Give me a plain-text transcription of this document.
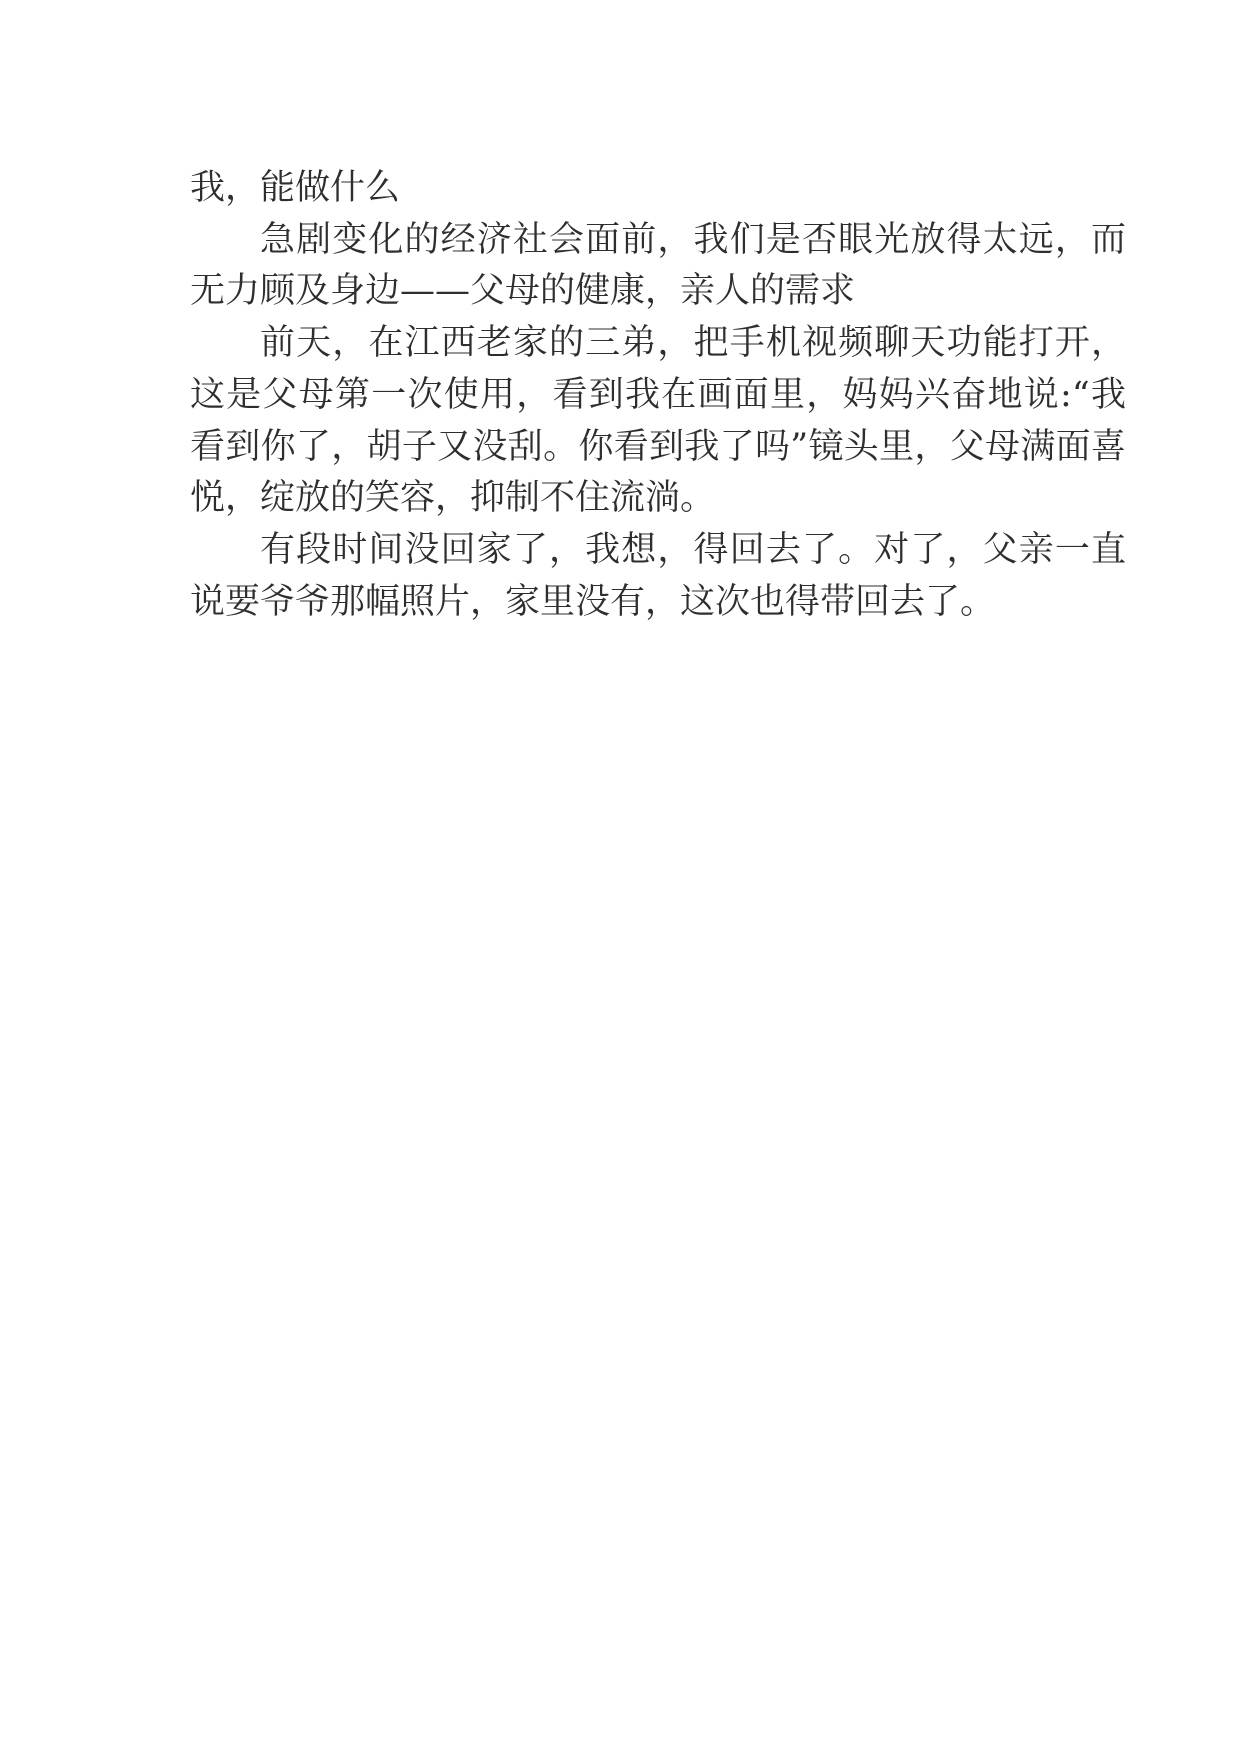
我，能做什么

急剧变化的经济社会面前，我们是否眼光放得太远，而无力顾及身边——父母的健康，亲人的需求

前天，在江西老家的三弟，把手机视频聊天功能打开，这是父母第一次使用，看到我在画面里，妈妈兴奋地说:“我看到你了，胡子又没刮。你看到我了吗”镜头里，父母满面喜悦，绽放的笑容，抑制不住流淌。

有段时间没回家了，我想，得回去了。对了，父亲一直说要爷爷那幅照片，家里没有，这次也得带回去了。
